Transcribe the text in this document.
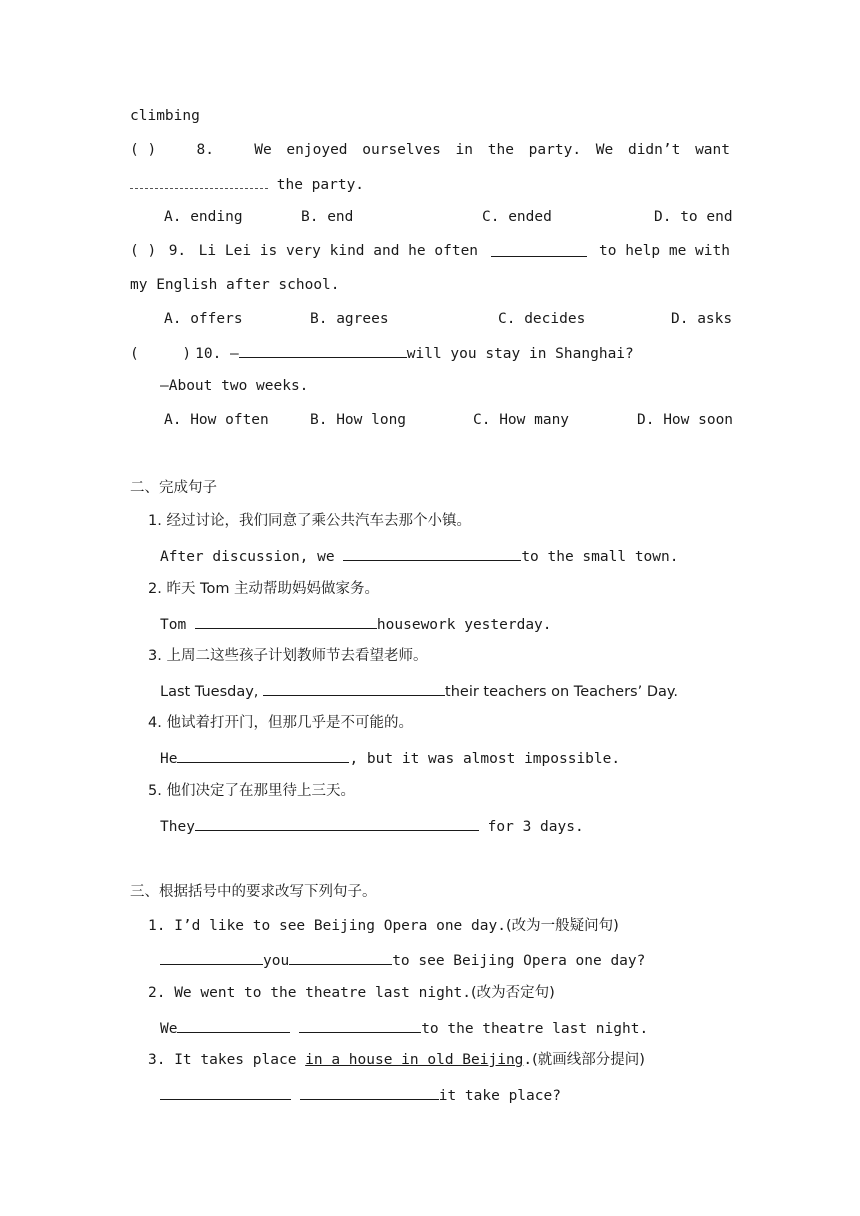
climbing
( )	8.	We enjoyed ourselves in the party. We didn’t want
the party.
A. ending	B. end	C. ended	D. to end
( ) 9. Li Lei is very kind and he often	to help me with
my English after school.
A. offers	B. agrees	C. decides	D. asks
(     ) 10. —	will you stay in Shanghai?
—About two weeks.
A. How often	B. How long	C. How many	D. How soon
二、完成句子
1. 经过讨论，我们同意了乘公共汽车去那个小镇。
After discussion, we	to the small town.
2. 昨天 Tom 主动帮助妈妈做家务。
Tom	housework yesterday.
3. 上周二这些孩子计划教师节去看望老师。
Last Tuesday,	their teachers on Teachers’ Day.
4. 他试着打开门，但那几乎是不可能的。
He	, but it was almost impossible.
5. 他们决定了在那里待上三天。
They	for 3 days.
三、根据括号中的要求改写下列句子。
1. I’d like to see Beijing Opera one day.(改为一般疑问句)
you	to see Beijing Opera one day?
2. We went to the theatre last night.(改为否定句)
We	to the theatre last night.
3. It takes place in a house in old Beijing.(就画线部分提问)
it take place?
